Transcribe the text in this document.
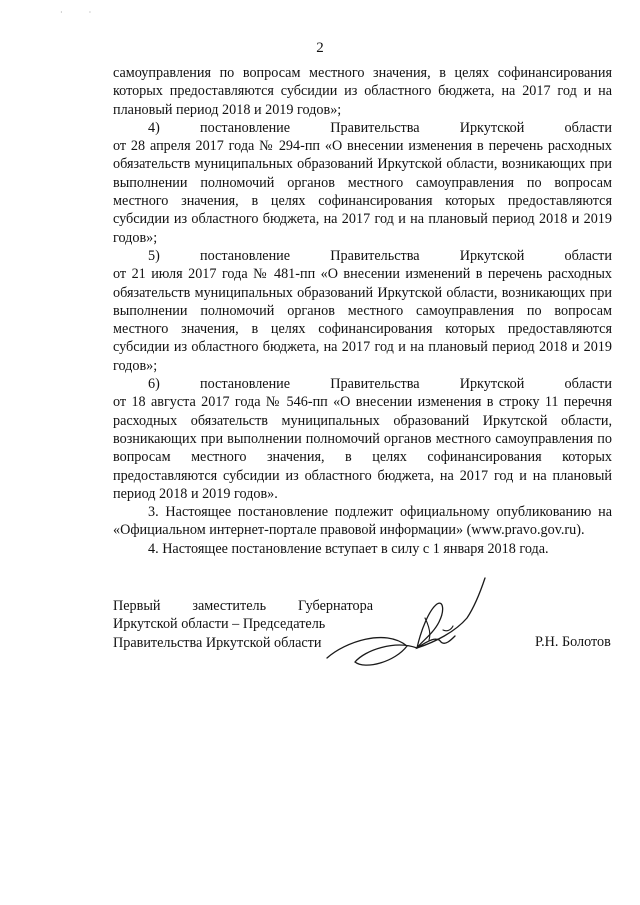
· ·
2

самоуправления по вопросам местного значения, в целях софинансирования которых предоставляются субсидии из областного бюджета, на 2017 год и на плановый период 2018 и 2019 годов»;

4)	постановление	Правительства	Иркутской	области

от 28 апреля 2017 года № 294-пп «О внесении изменения в перечень расходных обязательств муниципальных образований Иркутской области, возникающих при выполнении полномочий органов местного самоуправления по вопросам местного значения, в целях софинансирования которых предоставляются субсидии из областного бюджета, на 2017 год и на плановый период 2018 и 2019 годов»;

5)	постановление	Правительства	Иркутской	области

от 21 июля 2017 года № 481-пп «О внесении изменений в перечень расходных обязательств муниципальных образований Иркутской области, возникающих при выполнении полномочий органов местного самоуправления по вопросам местного значения, в целях софинансирования которых предоставляются субсидии из областного бюджета, на 2017 год и на плановый период 2018 и 2019 годов»;

6)	постановление	Правительства	Иркутской	области

от 18 августа 2017 года № 546-пп «О внесении изменения в строку 11 перечня расходных обязательств муниципальных образований Иркутской области, возникающих при выполнении полномочий органов местного самоуправления по вопросам местного значения, в целях софинансирования которых предоставляются субсидии из областного бюджета, на 2017 год и на плановый период 2018 и 2019 годов».

3. Настоящее постановление подлежит официальному опубликованию на «Официальном интернет-портале правовой информации» (www.pravo.gov.ru).

4. Настоящее постановление вступает в силу с 1 января 2018 года.

Первый заместитель Губернатора
Иркутской области – Председатель
Правительства Иркутской области	Р.Н. Болотов
